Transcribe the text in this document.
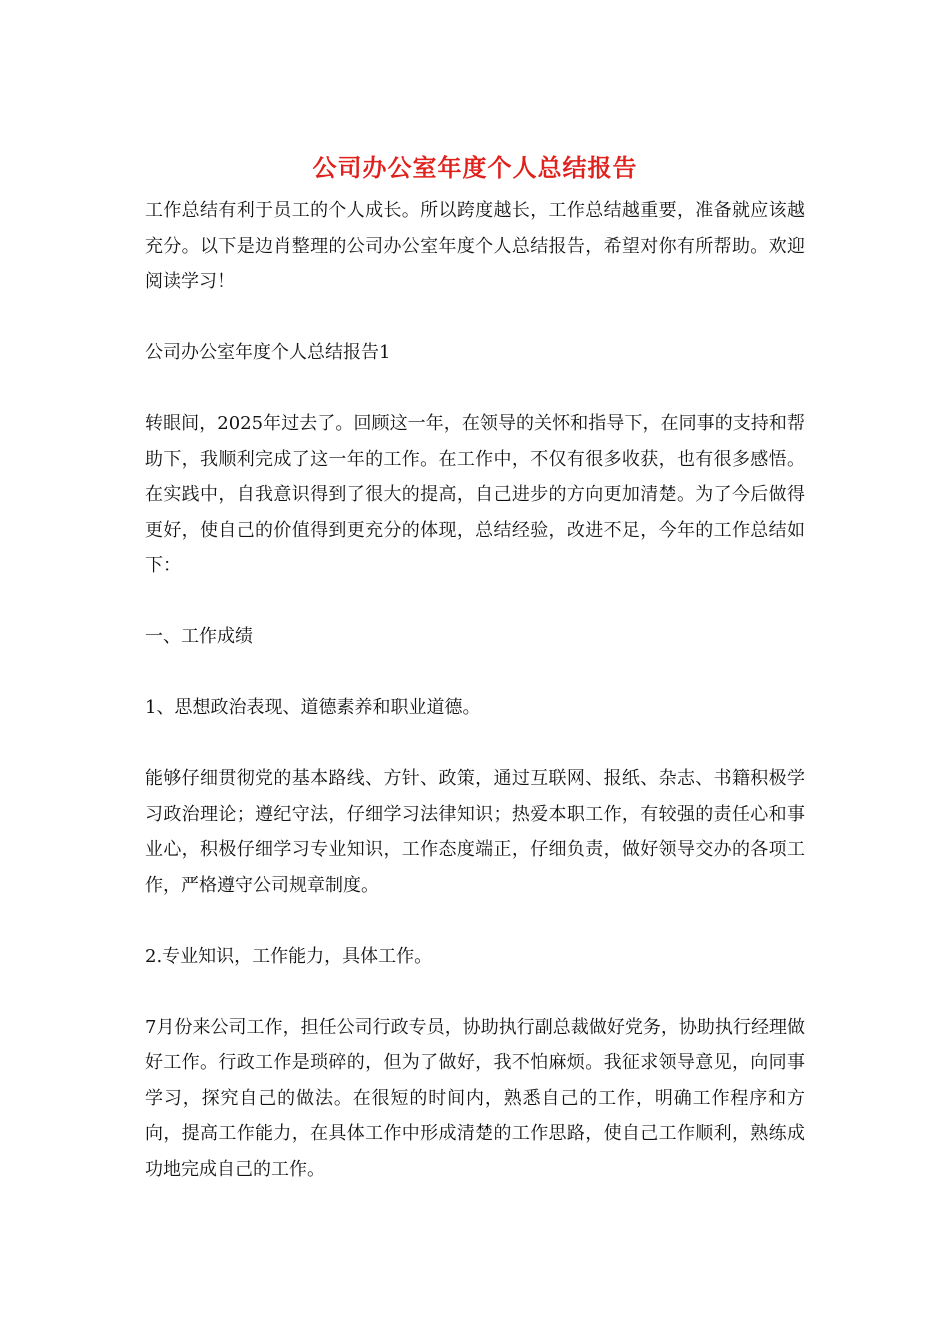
公司办公室年度个人总结报告

工作总结有利于员工的个人成长。所以跨度越长，工作总结越重要，准备就应该越充分。以下是边肖整理的公司办公室年度个人总结报告，希望对你有所帮助。欢迎阅读学习！

公司办公室年度个人总结报告1

转眼间，2025年过去了。回顾这一年，在领导的关怀和指导下，在同事的支持和帮助下，我顺利完成了这一年的工作。在工作中，不仅有很多收获，也有很多感悟。在实践中，自我意识得到了很大的提高，自己进步的方向更加清楚。为了今后做得更好，使自己的价值得到更充分的体现，总结经验，改进不足，今年的工作总结如下：

一、工作成绩

1、思想政治表现、道德素养和职业道德。

能够仔细贯彻党的基本路线、方针、政策，通过互联网、报纸、杂志、书籍积极学习政治理论；遵纪守法，仔细学习法律知识；热爱本职工作，有较强的责任心和事业心，积极仔细学习专业知识，工作态度端正，仔细负责，做好领导交办的各项工作，严格遵守公司规章制度。

2.专业知识，工作能力，具体工作。

7月份来公司工作，担任公司行政专员，协助执行副总裁做好党务，协助执行经理做好工作。行政工作是琐碎的，但为了做好，我不怕麻烦。我征求领导意见，向同事学习，探究自己的做法。在很短的时间内，熟悉自己的工作，明确工作程序和方向，提高工作能力，在具体工作中形成清楚的工作思路，使自己工作顺利，熟练成功地完成自己的工作。
